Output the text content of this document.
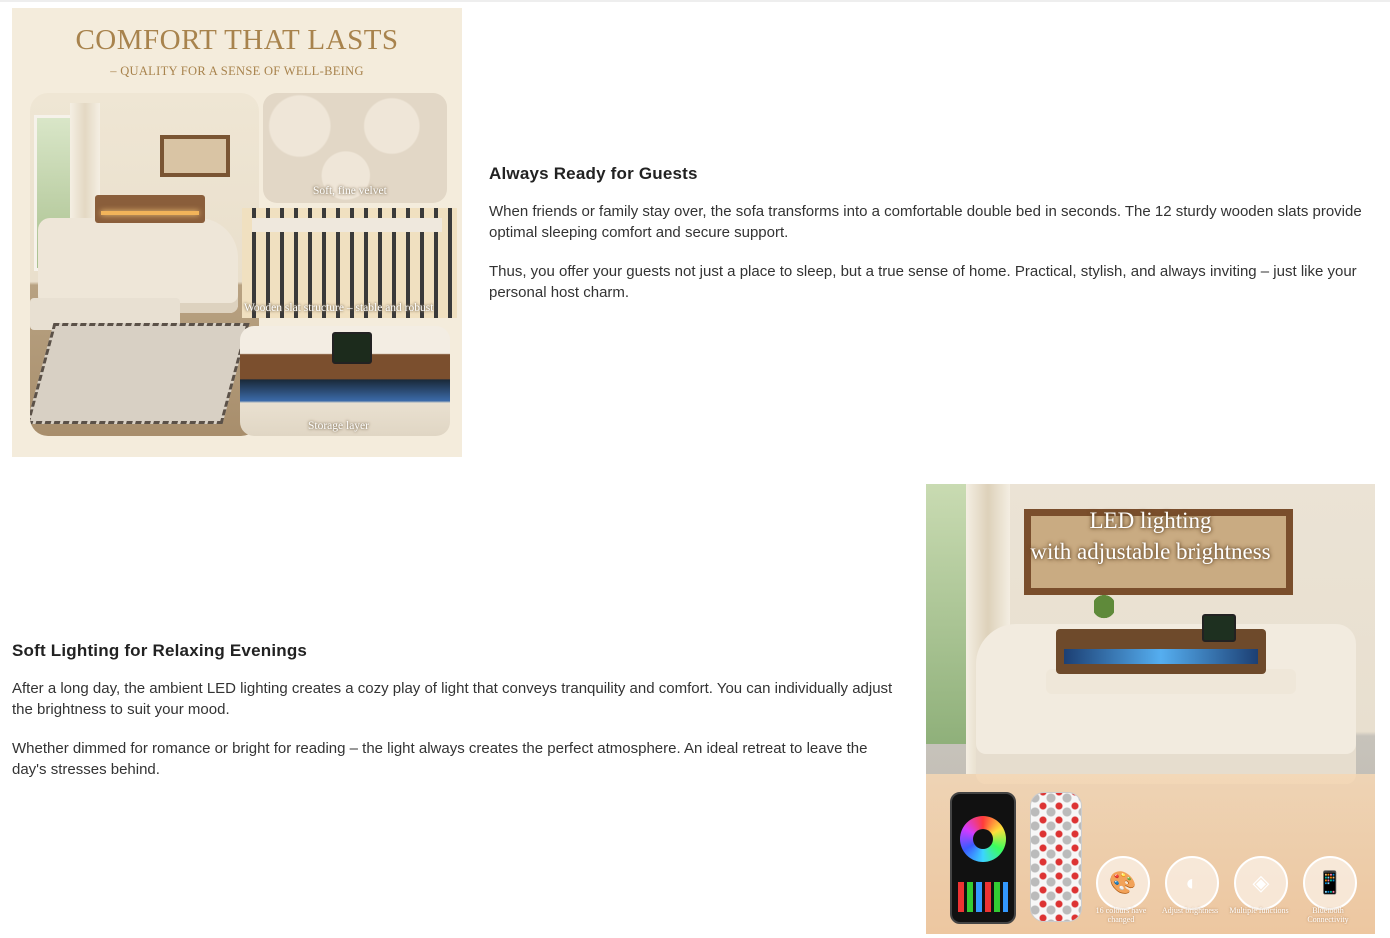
COMFORT THAT LASTS
– QUALITY FOR A SENSE OF WELL-BEING
Soft, fine velvet
Wooden slat structure – stable and robust
Storage layer
Always Ready for Guests

When friends or family stay over, the sofa transforms into a comfortable double bed in seconds. The 12 sturdy wooden slats provide optimal sleeping comfort and secure support.

Thus, you offer your guests not just a place to sleep, but a true sense of home. Practical, stylish, and always inviting – just like your personal host charm.

Soft Lighting for Relaxing Evenings

After a long day, the ambient LED lighting creates a cozy play of light that conveys tranquility and comfort. You can individually adjust the brightness to suit your mood.

Whether dimmed for romance or bright for reading – the light always creates the perfect atmosphere. An ideal retreat to leave the day's stresses behind.

LED lighting
with adjustable brightness
🎨
16 colours have changed
◐
Adjust brightness
◈
Multiple functions
📱
Bluetooth Connectivity
